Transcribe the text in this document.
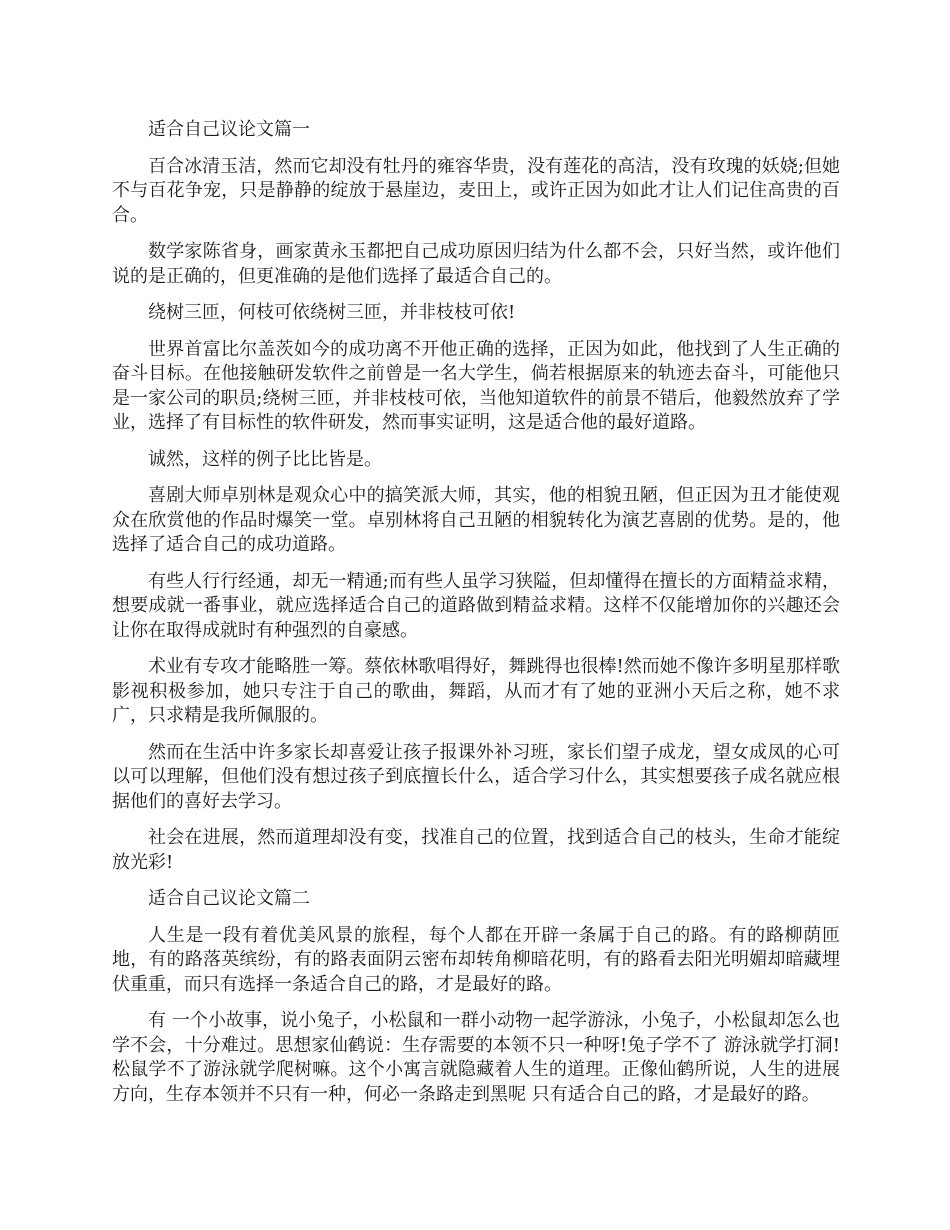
适合自己议论文篇一

百合冰清玉洁，然而它却没有牡丹的雍容华贵，没有莲花的高洁，没有玫瑰的妖娆;但她不与百花争宠，只是静静的绽放于悬崖边，麦田上，或许正因为如此才让人们记住高贵的百合。

数学家陈省身，画家黄永玉都把自己成功原因归结为什么都不会，只好当然，或许他们说的是正确的，但更准确的是他们选择了最适合自己的。

绕树三匝，何枝可依绕树三匝，并非枝枝可依!

世界首富比尔盖茨如今的成功离不开他正确的选择，正因为如此，他找到了人生正确的奋斗目标。在他接触研发软件之前曾是一名大学生，倘若根据原来的轨迹去奋斗，可能他只是一家公司的职员;绕树三匝，并非枝枝可依，当他知道软件的前景不错后，他毅然放弃了学业，选择了有目标性的软件研发，然而事实证明，这是适合他的最好道路。

诚然，这样的例子比比皆是。

喜剧大师卓别林是观众心中的搞笑派大师，其实，他的相貌丑陋，但正因为丑才能使观众在欣赏他的作品时爆笑一堂。卓别林将自己丑陋的相貌转化为演艺喜剧的优势。是的，他选择了适合自己的成功道路。

有些人行行经通，却无一精通;而有些人虽学习狭隘，但却懂得在擅长的方面精益求精，想要成就一番事业，就应选择适合自己的道路做到精益求精。这样不仅能增加你的兴趣还会让你在取得成就时有种强烈的自豪感。

术业有专攻才能略胜一筹。蔡依林歌唱得好，舞跳得也很棒!然而她不像许多明星那样歌影视积极参加，她只专注于自己的歌曲，舞蹈，从而才有了她的亚洲小天后之称，她不求广，只求精是我所佩服的。

然而在生活中许多家长却喜爱让孩子报课外补习班，家长们望子成龙，望女成凤的心可以可以理解，但他们没有想过孩子到底擅长什么，适合学习什么，其实想要孩子成名就应根据他们的喜好去学习。

社会在进展，然而道理却没有变，找准自己的位置，找到适合自己的枝头，生命才能绽放光彩!

适合自己议论文篇二

人生是一段有着优美风景的旅程，每个人都在开辟一条属于自己的路。有的路柳荫匝地，有的路落英缤纷，有的路表面阴云密布却转角柳暗花明，有的路看去阳光明媚却暗藏埋伏重重，而只有选择一条适合自己的路，才是最好的路。

有 一个小故事，说小兔子，小松鼠和一群小动物一起学游泳，小兔子，小松鼠却怎么也学不会，十分难过。思想家仙鹤说：生存需要的本领不只一种呀!兔子学不了 游泳就学打洞!松鼠学不了游泳就学爬树嘛。这个小寓言就隐藏着人生的道理。正像仙鹤所说，人生的进展方向，生存本领并不只有一种，何必一条路走到黑呢 只有适合自己的路，才是最好的路。
